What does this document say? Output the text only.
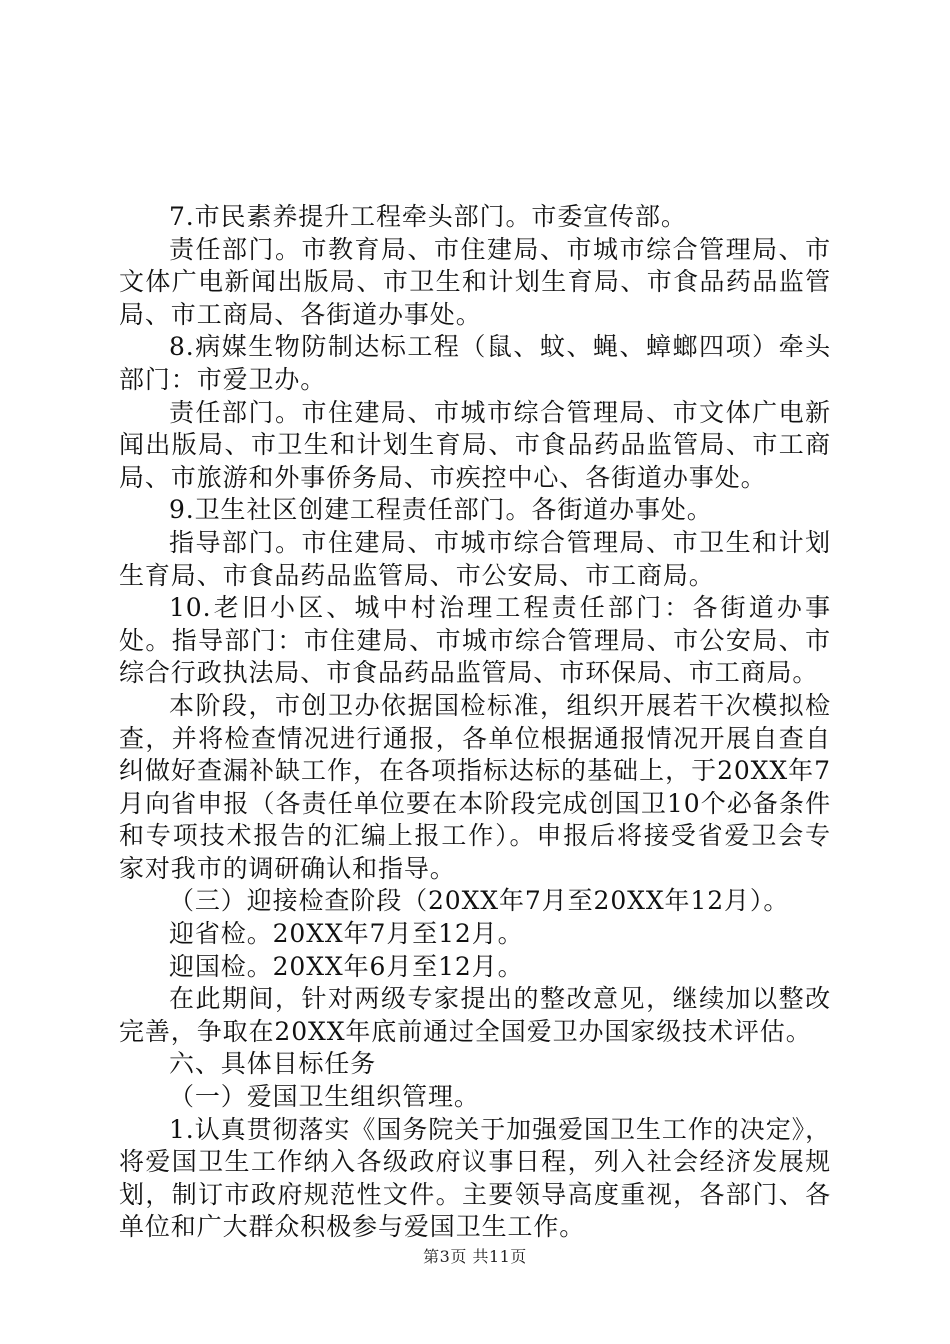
7.市民素养提升工程牵头部门。市委宣传部。

责任部门。市教育局、市住建局、市城市综合管理局、市文体广电新闻出版局、市卫生和计划生育局、市食品药品监管局、市工商局、各街道办事处。

8.病媒生物防制达标工程（鼠、蚊、蝇、蟑螂四项）牵头部门：市爱卫办。

责任部门。市住建局、市城市综合管理局、市文体广电新闻出版局、市卫生和计划生育局、市食品药品监管局、市工商局、市旅游和外事侨务局、市疾控中心、各街道办事处。

9.卫生社区创建工程责任部门。各街道办事处。

指导部门。市住建局、市城市综合管理局、市卫生和计划生育局、市食品药品监管局、市公安局、市工商局。

10.老旧小区、城中村治理工程责任部门：各街道办事处。指导部门：市住建局、市城市综合管理局、市公安局、市综合行政执法局、市食品药品监管局、市环保局、市工商局。

本阶段，市创卫办依据国检标准，组织开展若干次模拟检查，并将检查情况进行通报，各单位根据通报情况开展自查自纠做好查漏补缺工作，在各项指标达标的基础上，于20XX年7月向省申报（各责任单位要在本阶段完成创国卫10个必备条件和专项技术报告的汇编上报工作）。申报后将接受省爱卫会专家对我市的调研确认和指导。

（三）迎接检查阶段（20XX年7月至20XX年12月）。

迎省检。20XX年7月至12月。

迎国检。20XX年6月至12月。

在此期间，针对两级专家提出的整改意见，继续加以整改完善，争取在20XX年底前通过全国爱卫办国家级技术评估。

六、具体目标任务

（一）爱国卫生组织管理。

1.认真贯彻落实《国务院关于加强爱国卫生工作的决定》，将爱国卫生工作纳入各级政府议事日程，列入社会经济发展规划，制订市政府规范性文件。主要领导高度重视，各部门、各单位和广大群众积极参与爱国卫生工作。

第3页 共11页
